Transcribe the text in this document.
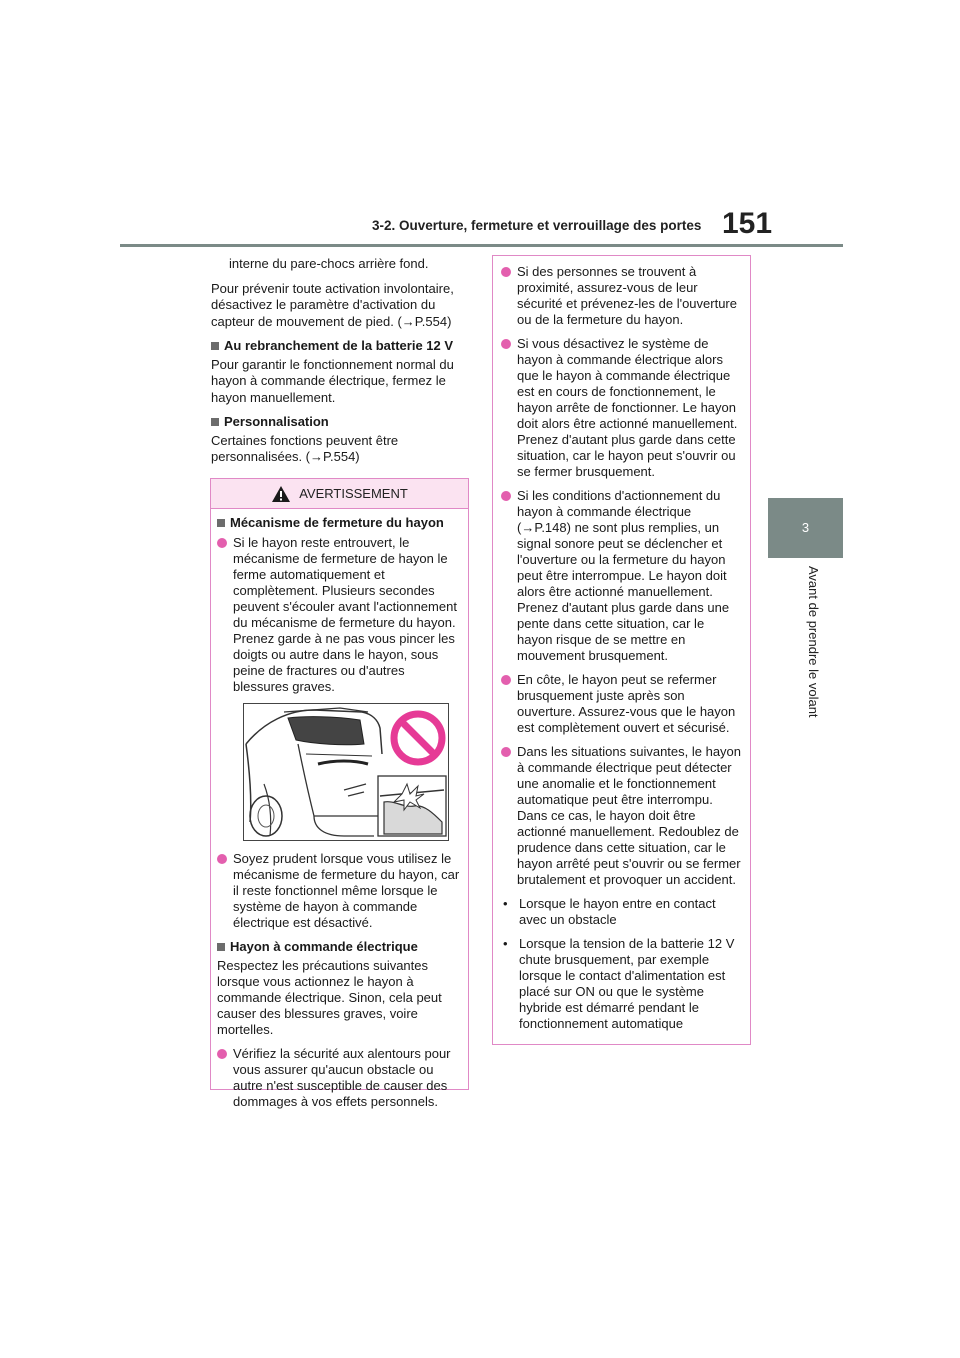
3-2. Ouverture, fermeture et verrouillage des portes 151
3
Avant de prendre le volant

interne du pare-chocs arrière fond.

Pour prévenir toute activation involontaire, désactivez le paramètre d'activation du capteur de mouvement de pied. (→P.554)

Au rebranchement de la batterie 12 V

Pour garantir le fonctionnement normal du hayon à commande électrique, fermez le hayon manuellement.

Personnalisation

Certaines fonctions peuvent être personnalisées. (→P.554)

AVERTISSEMENT
Mécanisme de fermeture du hayon
Si le hayon reste entrouvert, le mécanisme de fermeture de hayon le ferme automatiquement et complètement. Plusieurs secondes peuvent s'écouler avant l'actionnement du mécanisme de fermeture du hayon. Prenez garde à ne pas vous pincer les doigts ou autre dans le hayon, sous peine de fractures ou d'autres blessures graves.
Soyez prudent lorsque vous utilisez le mécanisme de fermeture du hayon, car il reste fonctionnel même lorsque le système de hayon à commande électrique est désactivé.
Hayon à commande électrique

Respectez les précautions suivantes lorsque vous actionnez le hayon à commande électrique. Sinon, cela peut causer des blessures graves, voire mortelles.

Vérifiez la sécurité aux alentours pour vous assurer qu'aucun obstacle ou autre n'est susceptible de causer des dommages à vos effets personnels.
Si des personnes se trouvent à proximité, assurez-vous de leur sécurité et prévenez-les de l'ouverture ou de la fermeture du hayon.
Si vous désactivez le système de hayon à commande électrique alors que le hayon à commande électrique est en cours de fonctionnement, le hayon arrête de fonctionner. Le hayon doit alors être actionné manuellement. Prenez d'autant plus garde dans cette situation, car le hayon peut s'ouvrir ou se fermer brusquement.
Si les conditions d'actionnement du hayon à commande électrique (→P.148) ne sont plus remplies, un signal sonore peut se déclencher et l'ouverture ou la fermeture du hayon peut être interrompue. Le hayon doit alors être actionné manuellement. Prenez d'autant plus garde dans une pente dans cette situation, car le hayon risque de se mettre en mouvement brusquement.
En côte, le hayon peut se refermer brusquement juste après son ouverture. Assurez-vous que le hayon est complètement ouvert et sécurisé.
Dans les situations suivantes, le hayon à commande électrique peut détecter une anomalie et le fonctionnement automatique peut être interrompu. Dans ce cas, le hayon doit être actionné manuellement. Redoublez de prudence dans cette situation, car le hayon arrêté peut s'ouvrir ou se fermer brutalement et provoquer un accident.
• Lorsque le hayon entre en contact avec un obstacle
• Lorsque la tension de la batterie 12 V chute brusquement, par exemple lorsque le contact d'alimentation est placé sur ON ou que le système hybride est démarré pendant le fonctionnement automatique
